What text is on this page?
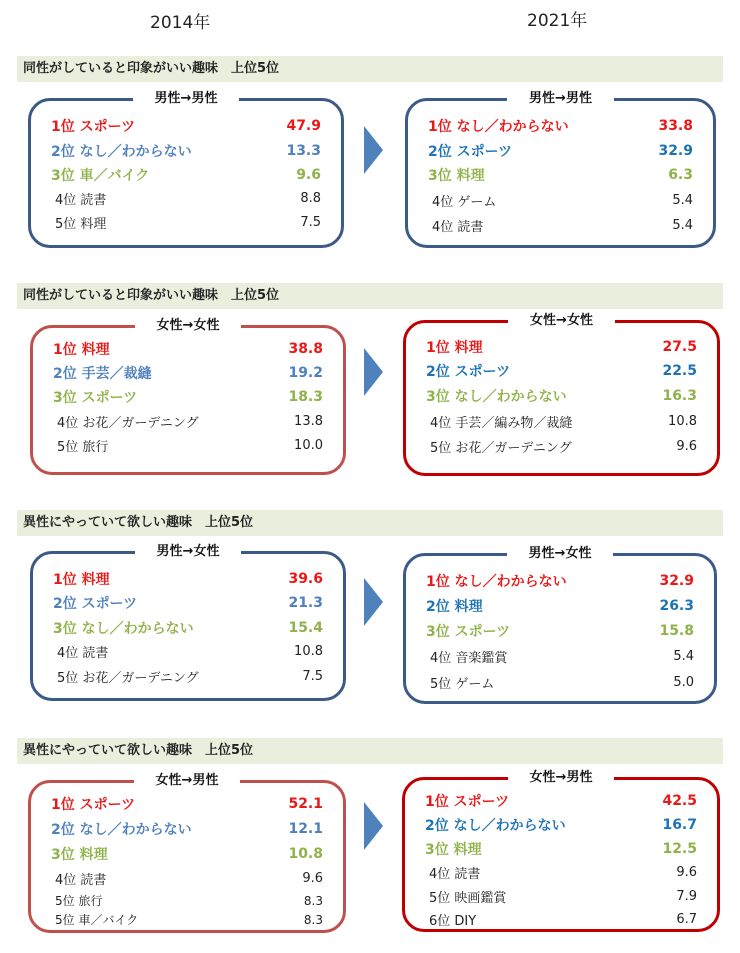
2014年	2021年
同性がしていると印象がいい趣味　上位5位
男性→男性
1位 スポーツ	47.9
2位 なし／わからない	13.3
3位 車／バイク	9.6
4位 読書	8.8
5位 料理	7.5
男性→男性
1位 なし／わからない	33.8
2位 スポーツ	32.9
3位 料理	6.3
4位 ゲーム	5.4
4位 読書	5.4
同性がしていると印象がいい趣味　上位5位
女性→女性
1位 料理	38.8
2位 手芸／裁縫	19.2
3位 スポーツ	18.3
4位 お花／ガーデニング	13.8
5位 旅行	10.0
女性→女性
1位 料理	27.5
2位 スポーツ	22.5
3位 なし／わからない	16.3
4位 手芸／編み物／裁縫	10.8
5位 お花／ガーデニング	9.6
異性にやっていて欲しい趣味　上位5位
男性→女性
1位 料理	39.6
2位 スポーツ	21.3
3位 なし／わからない	15.4
4位 読書	10.8
5位 お花／ガーデニング	7.5
男性→女性
1位 なし／わからない	32.9
2位 料理	26.3
3位 スポーツ	15.8
4位 音楽鑑賞	5.4
5位 ゲーム	5.0
異性にやっていて欲しい趣味　上位5位
女性→男性
1位 スポーツ	52.1
2位 なし／わからない	12.1
3位 料理	10.8
4位 読書	9.6
5位 旅行	8.3
5位 車／バイク	8.3
女性→男性
1位 スポーツ	42.5
2位 なし／わからない	16.7
3位 料理	12.5
4位 読書	9.6
5位 映画鑑賞	7.9
6位 DIY	6.7
